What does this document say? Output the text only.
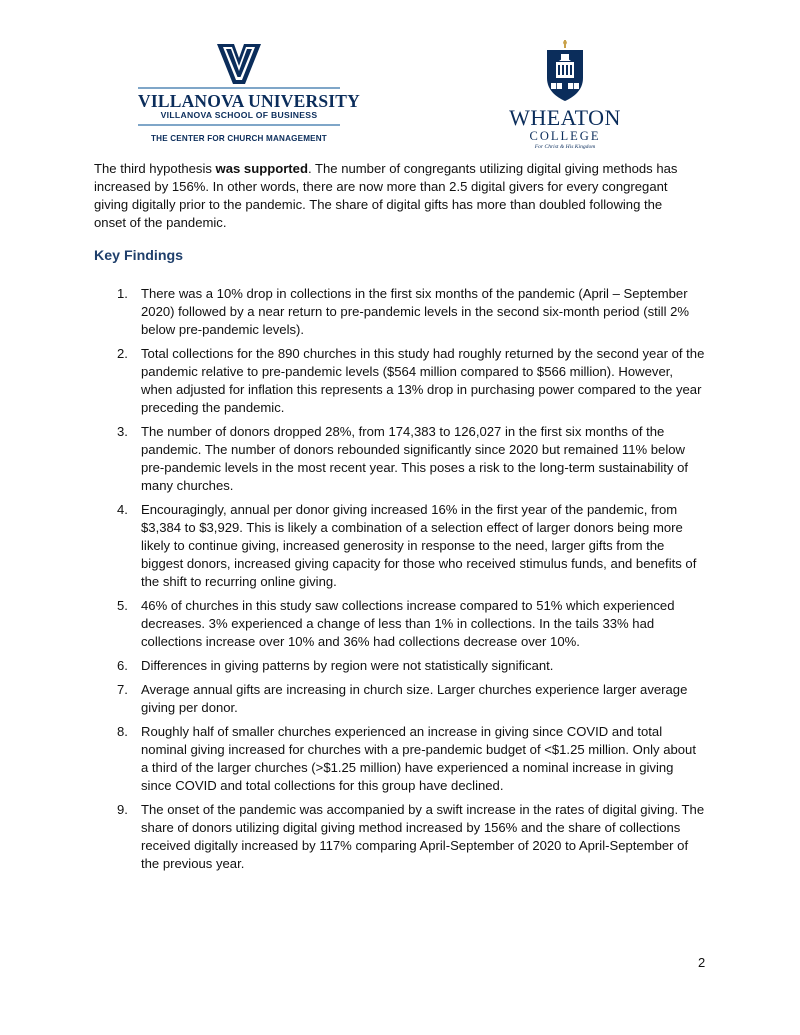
VILLANOVA UNIVERSITY
VILLANOVA SCHOOL OF BUSINESS
THE CENTER FOR CHURCH MANAGEMENT
WHEATON
COLLEGE
For Christ & His Kingdom

The third hypothesis was supported. The number of congregants utilizing digital giving methods has increased by 156%. In other words, there are now more than 2.5 digital givers for every congregant giving digitally prior to the pandemic. The share of digital gifts has more than doubled following the onset of the pandemic.

Key Findings
1. There was a 10% drop in collections in the first six months of the pandemic (April – September 2020) followed by a near return to pre-pandemic levels in the second six-month period (still 2% below pre-pandemic levels).
2. Total collections for the 890 churches in this study had roughly returned by the second year of the pandemic relative to pre-pandemic levels ($564 million compared to $566 million). However, when adjusted for inflation this represents a 13% drop in purchasing power compared to the year preceding the pandemic.
3. The number of donors dropped 28%, from 174,383 to 126,027 in the first six months of the pandemic. The number of donors rebounded significantly since 2020 but remained 11% below pre-pandemic levels in the most recent year. This poses a risk to the long-term sustainability of many churches.
4. Encouragingly, annual per donor giving increased 16% in the first year of the pandemic, from $3,384 to $3,929. This is likely a combination of a selection effect of larger donors being more likely to continue giving, increased generosity in response to the need, larger gifts from the biggest donors, increased giving capacity for those who received stimulus funds, and benefits of the shift to recurring online giving.
5. 46% of churches in this study saw collections increase compared to 51% which experienced decreases. 3% experienced a change of less than 1% in collections. In the tails 33% had collections increase over 10% and 36% had collections decrease over 10%.
6. Differences in giving patterns by region were not statistically significant.
7. Average annual gifts are increasing in church size. Larger churches experience larger average giving per donor.
8. Roughly half of smaller churches experienced an increase in giving since COVID and total nominal giving increased for churches with a pre-pandemic budget of <$1.25 million. Only about a third of the larger churches (>$1.25 million) have experienced a nominal increase in giving since COVID and total collections for this group have declined.
9. The onset of the pandemic was accompanied by a swift increase in the rates of digital giving. The share of donors utilizing digital giving method increased by 156% and the share of collections received digitally increased by 117% comparing April-September of 2020 to April-September of the previous year.
2
